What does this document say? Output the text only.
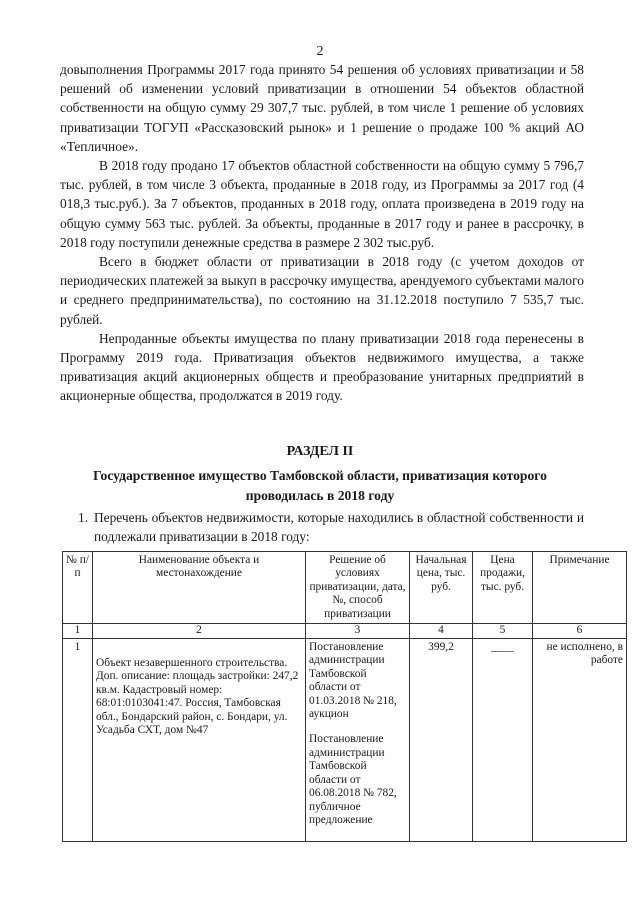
2

довыполнения Программы 2017 года принято 54 решения об условиях приватизации и 58 решений об изменении условий приватизации в отношении 54 объектов областной собственности на общую сумму 29 307,7 тыс. рублей, в том числе 1 решение об условиях приватизации ТОГУП «Рассказовский рынок» и 1 решение о продаже 100 % акций АО «Тепличное».

В 2018 году продано 17 объектов областной собственности на общую сумму 5 796,7 тыс. рублей, в том числе 3 объекта, проданные в 2018 году, из Программы за 2017 год (4 018,3 тыс.руб.). За 7 объектов, проданных в 2018 году, оплата произведена в 2019 году на общую сумму 563 тыс. рублей. За объекты, проданные в 2017 году и ранее в рассрочку, в 2018 году поступили денежные средства в размере 2 302 тыс.руб.

Всего в бюджет области от приватизации в 2018 году (с учетом доходов от периодических платежей за выкуп в рассрочку имущества, арендуемого субъектами малого и среднего предпринимательства), по состоянию на 31.12.2018 поступило 7 535,7 тыс. рублей.

Непроданные объекты имущества по плану приватизации 2018 года перенесены в Программу 2019 года. Приватизация объектов недвижимого имущества, а также приватизация акций акционерных обществ и преобразование унитарных предприятий в акционерные общества, продолжатся в 2019 году.

РАЗДЕЛ II
Государственное имущество Тамбовской области, приватизация которого проводилась в 2018 году
1. Перечень объектов недвижимости, которые находились в областной собственности и подлежали приватизации в 2018 году:
№ п/п	Наименование объекта и местонахождение	Решение об условиях приватизации, дата, №, способ приватизации	Начальная цена, тыс. руб.	Цена продажи, тыс. руб.	Примечание
1	2	3	4	5	6
1	Объект незавершенного строительства. Доп. описание: площадь застройки: 247,2 кв.м. Кадастровый номер: 68:01:0103041:47. Россия, Тамбовская обл., Бондарский район, с. Бондари, ул. Усадьба СХТ, дом №47	Постановление администрации Тамбовской области от 01.03.2018 № 218, аукцион

Постановление администрации Тамбовской области от 06.08.2018 № 782, публичное предложение	399,2	____	не исполнено, в работе
